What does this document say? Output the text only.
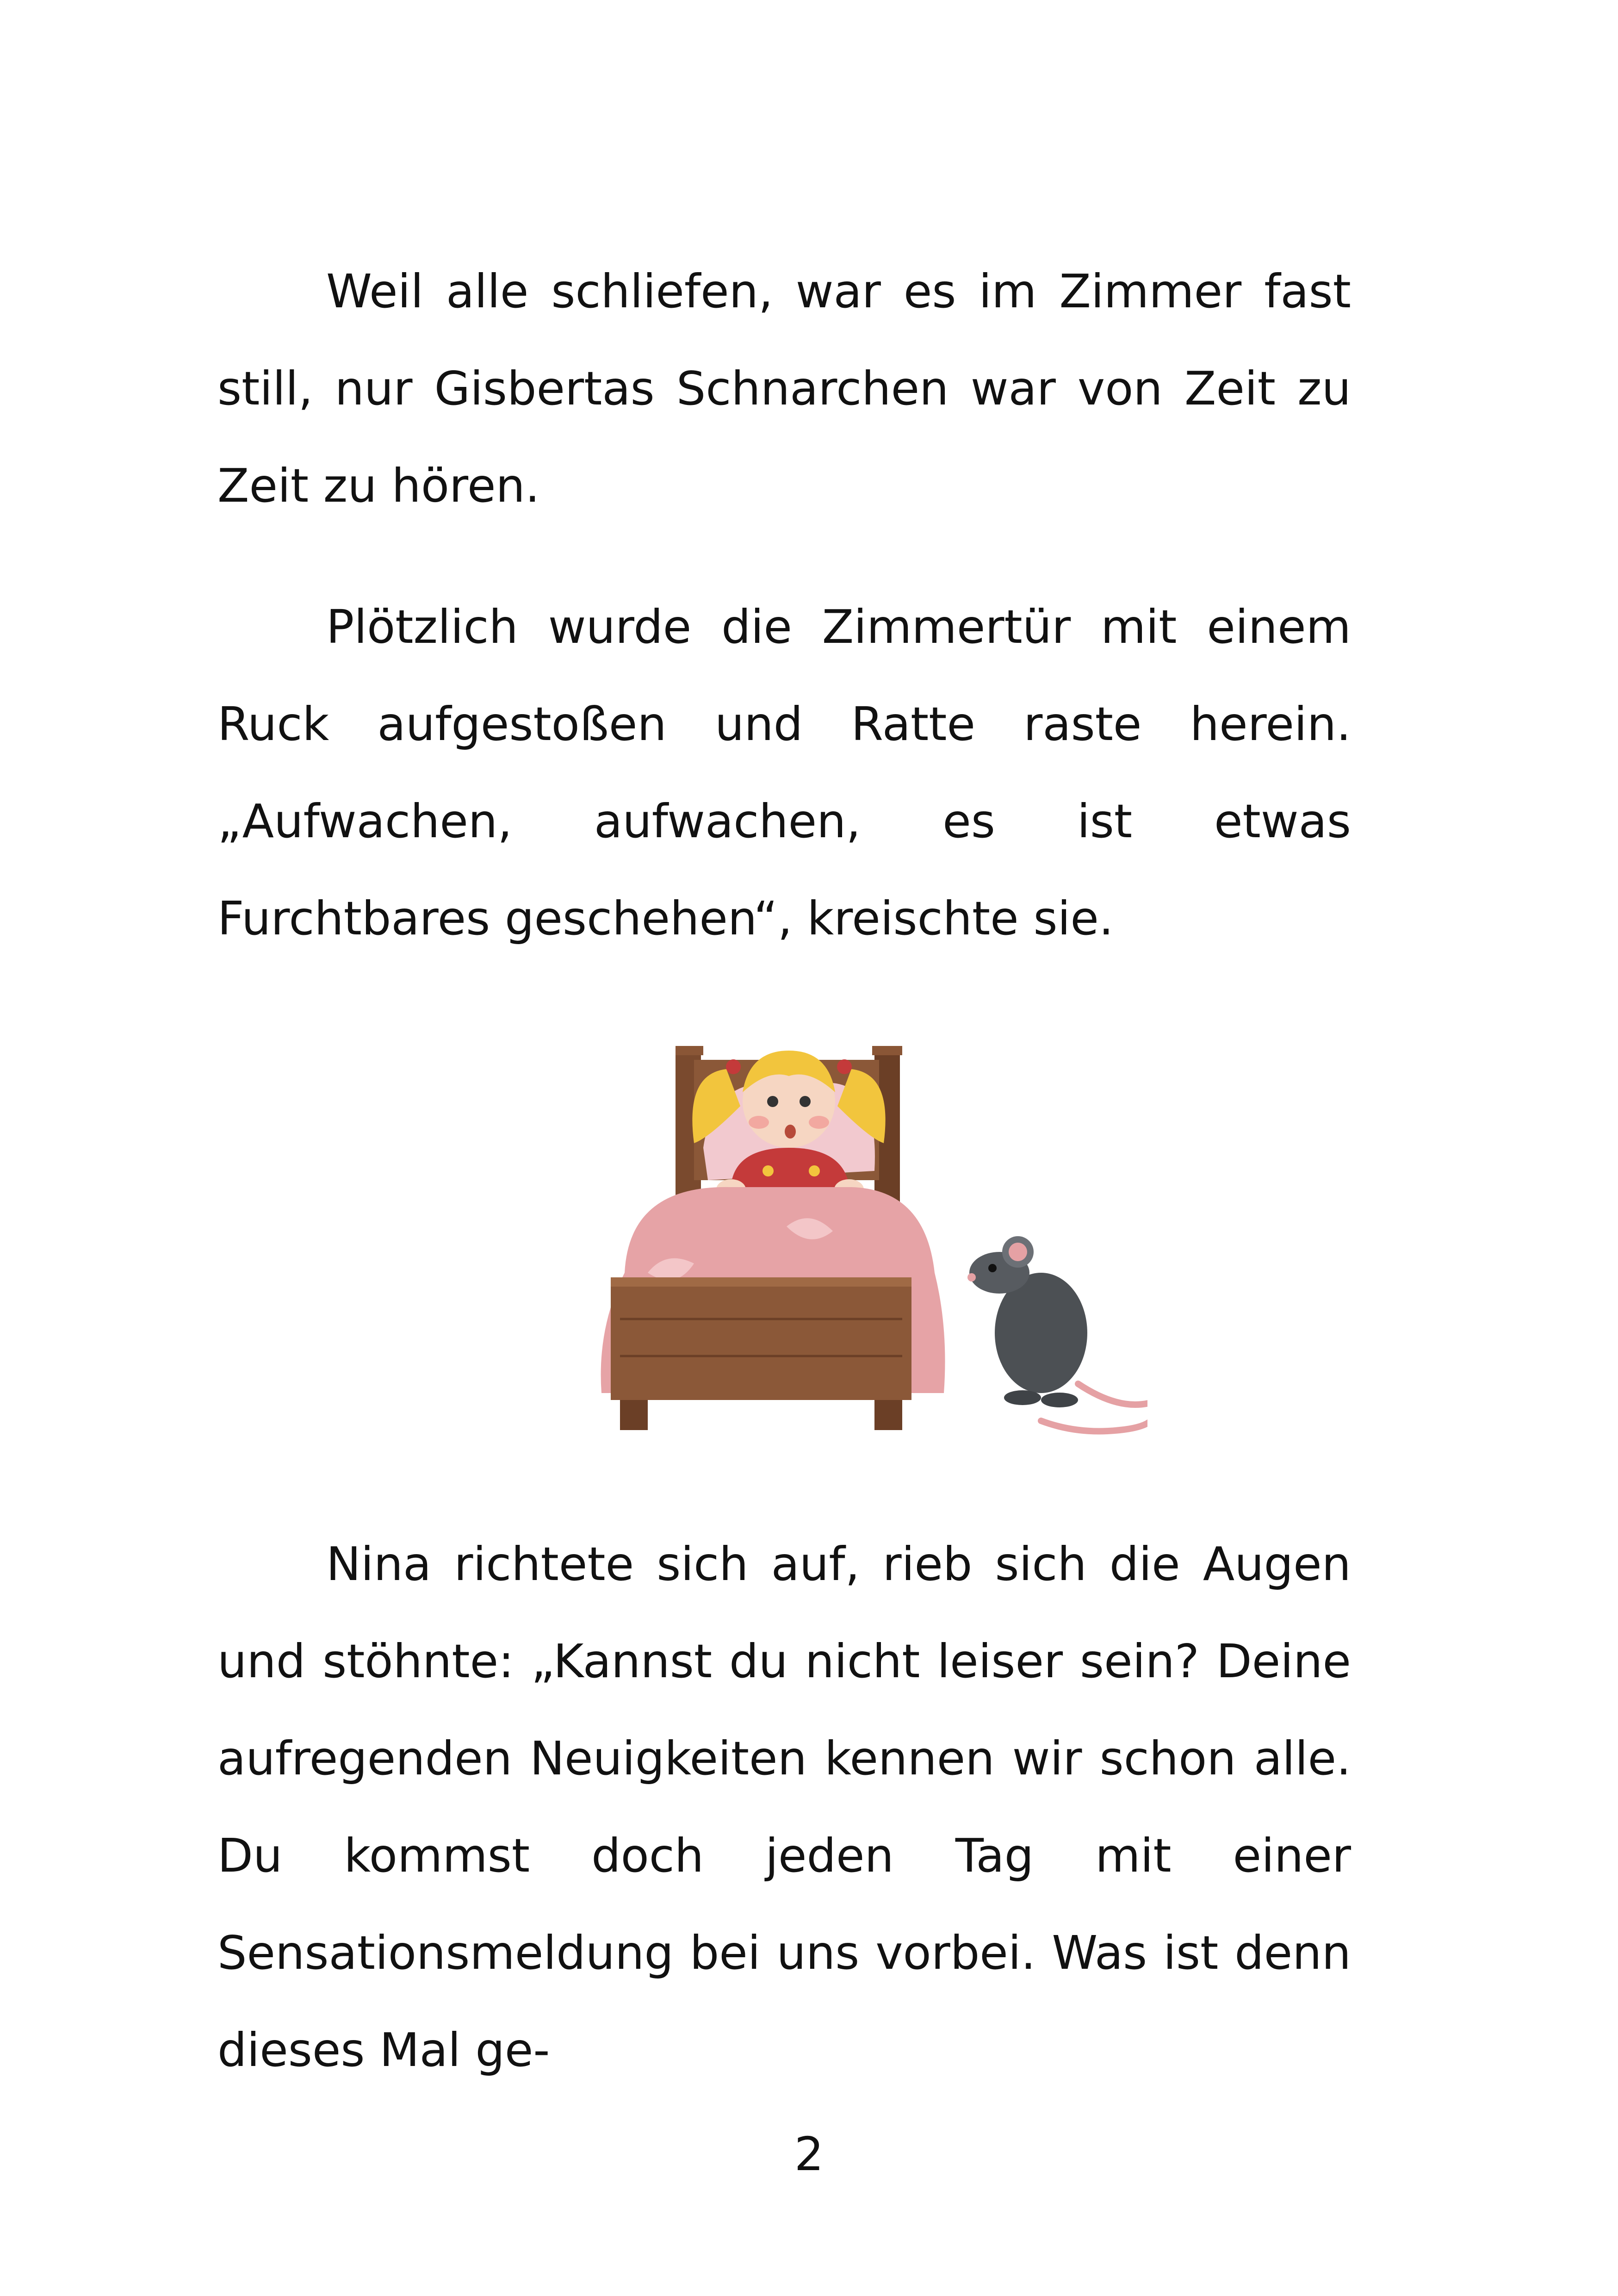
Weil alle schliefen, war es im Zimmer fast still, nur Gisbertas Schnarchen war von Zeit zu Zeit zu hören.

Plötzlich wurde die Zimmertür mit einem Ruck aufgestoßen und Ratte raste herein. „Aufwachen, aufwachen, es ist etwas Furchtbares geschehen“, kreischte sie.

Nina richtete sich auf, rieb sich die Augen und stöhnte: „Kannst du nicht leiser sein? Deine aufregenden Neuigkeiten kennen wir schon alle. Du kommst doch jeden Tag mit einer Sensationsmeldung bei uns vorbei. Was ist denn dieses Mal ge-

2
